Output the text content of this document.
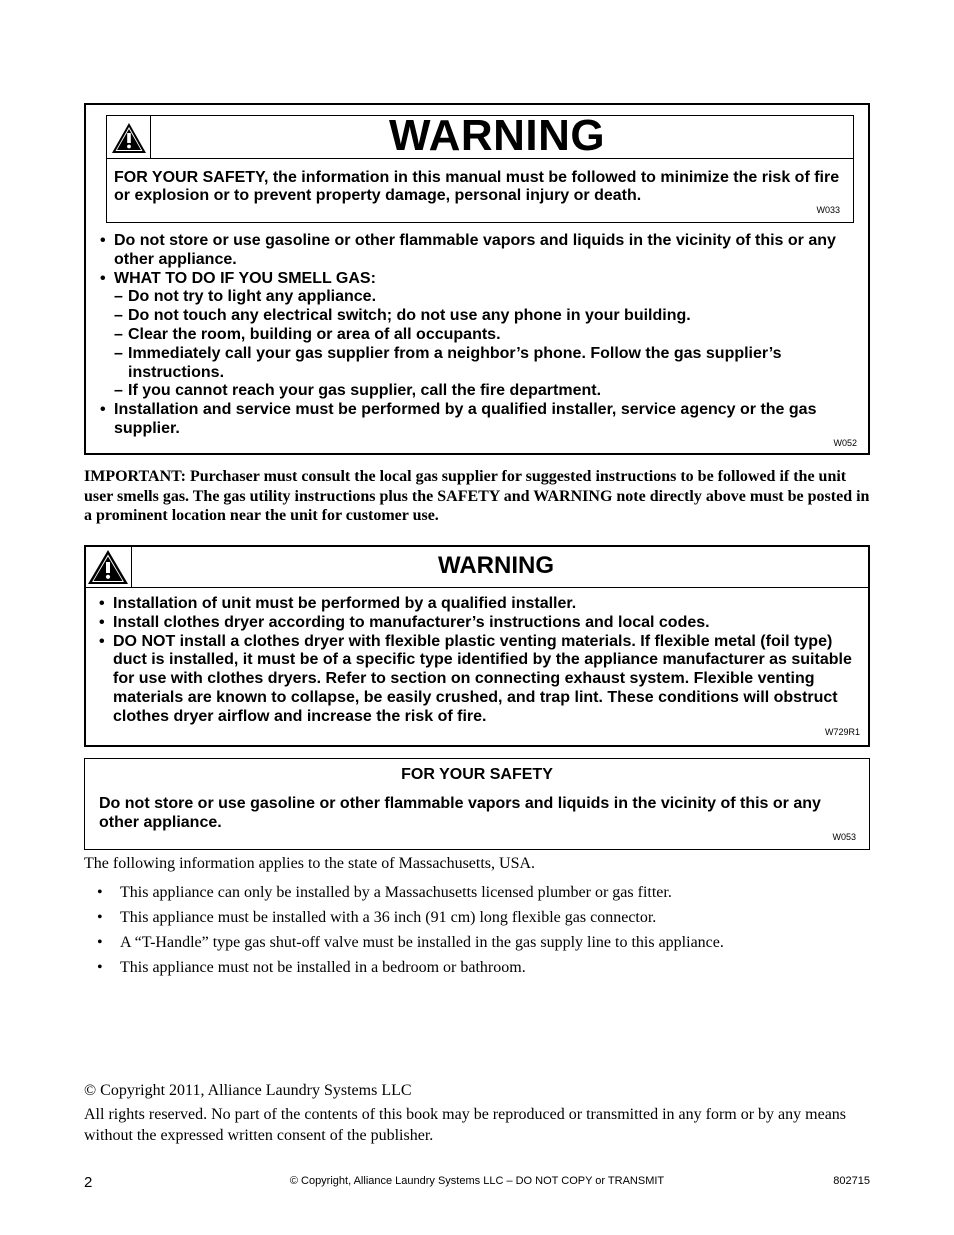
WARNING
FOR YOUR SAFETY, the information in this manual must be followed to minimize the risk of fire or explosion or to prevent property damage, personal injury or death.
W033
• Do not store or use gasoline or other flammable vapors and liquids in the vicinity of this or any other appliance.
• WHAT TO DO IF YOU SMELL GAS:
– Do not try to light any appliance.
– Do not touch any electrical switch; do not use any phone in your building.
– Clear the room, building or area of all occupants.
– Immediately call your gas supplier from a neighbor’s phone. Follow the gas supplier’s instructions.
– If you cannot reach your gas supplier, call the fire department.
• Installation and service must be performed by a qualified installer, service agency or the gas supplier.
W052
IMPORTANT: Purchaser must consult the local gas supplier for suggested instructions to be followed if the unit user smells gas. The gas utility instructions plus the SAFETY and WARNING note directly above must be posted in a prominent location near the unit for customer use.
WARNING
• Installation of unit must be performed by a qualified installer.
• Install clothes dryer according to manufacturer’s instructions and local codes.
• DO NOT install a clothes dryer with flexible plastic venting materials. If flexible metal (foil type) duct is installed, it must be of a specific type identified by the appliance manufacturer as suitable for use with clothes dryers. Refer to section on connecting exhaust system. Flexible venting materials are known to collapse, be easily crushed, and trap lint. These conditions will obstruct clothes dryer airflow and increase the risk of fire.
W729R1
FOR YOUR SAFETY
Do not store or use gasoline or other flammable vapors and liquids in the vicinity of this or any other appliance.
W053
The following information applies to the state of Massachusetts, USA.
• This appliance can only be installed by a Massachusetts licensed plumber or gas fitter.
• This appliance must be installed with a 36 inch (91 cm) long flexible gas connector.
• A “T-Handle” type gas shut-off valve must be installed in the gas supply line to this appliance.
• This appliance must not be installed in a bedroom or bathroom.
© Copyright 2011, Alliance Laundry Systems LLC
All rights reserved. No part of the contents of this book may be reproduced or transmitted in any form or by any means without the expressed written consent of the publisher.
2	© Copyright, Alliance Laundry Systems LLC – DO NOT COPY or TRANSMIT	802715
